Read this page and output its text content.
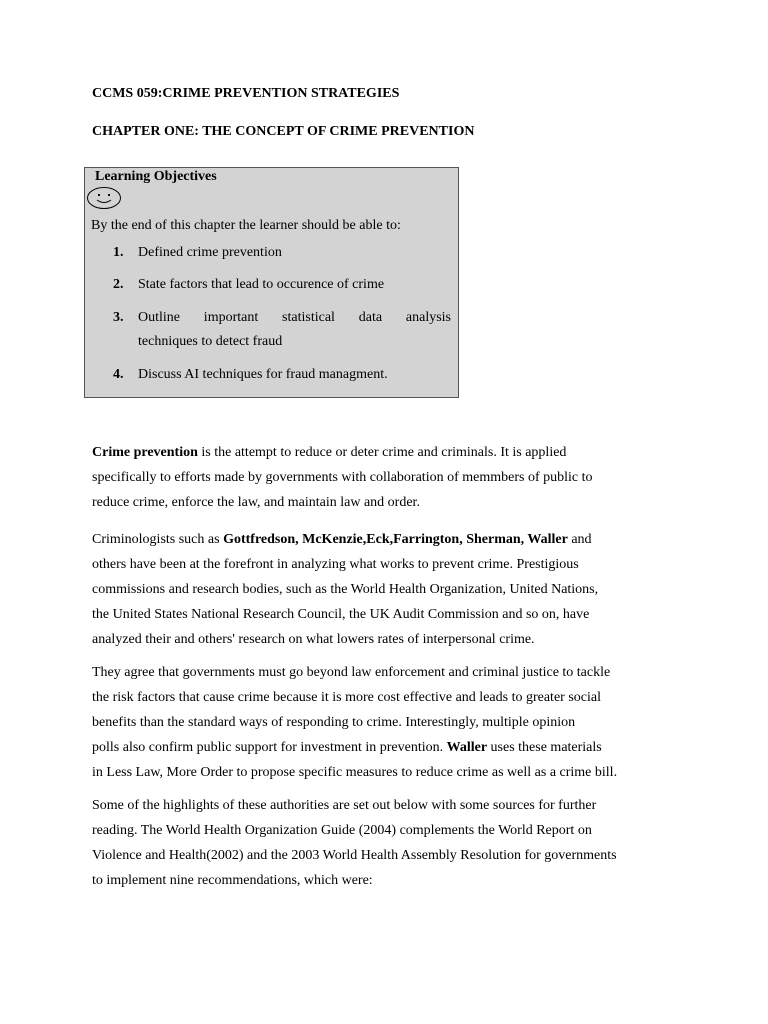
CCMS 059:CRIME PREVENTION STRATEGIES
CHAPTER ONE: THE CONCEPT OF CRIME PREVENTION
Learning Objectives
By the end of this chapter the learner should be able to:
1.	Defined crime prevention
2.	State factors that lead to occurence of crime
3.	Outline important statistical data analysis
techniques to detect fraud
4.	Discuss AI techniques for fraud managment.
Crime prevention is the attempt to reduce or deter crime and criminals. It is applied
specifically to efforts made by governments with collaboration of memmbers of public to
reduce crime, enforce the law, and maintain law and order.
Criminologists such as Gottfredson, McKenzie,Eck,Farrington, Sherman, Waller and
others have been at the forefront in analyzing what works to prevent crime. Prestigious
commissions and research bodies, such as the World Health Organization, United Nations,
the United States National Research Council, the UK Audit Commission and so on, have
analyzed their and others' research on what lowers rates of interpersonal crime.
They agree that governments must go beyond law enforcement and criminal justice to tackle
the risk factors that cause crime because it is more cost effective and leads to greater social
benefits than the standard ways of responding to crime. Interestingly, multiple opinion
polls also confirm public support for investment in prevention. Waller uses these materials
in Less Law, More Order to propose specific measures to reduce crime as well as a crime bill.
Some of the highlights of these authorities are set out below with some sources for further
reading. The World Health Organization Guide (2004) complements the World Report on
Violence and Health(2002) and the 2003 World Health Assembly Resolution for governments
to implement nine recommendations, which were:
